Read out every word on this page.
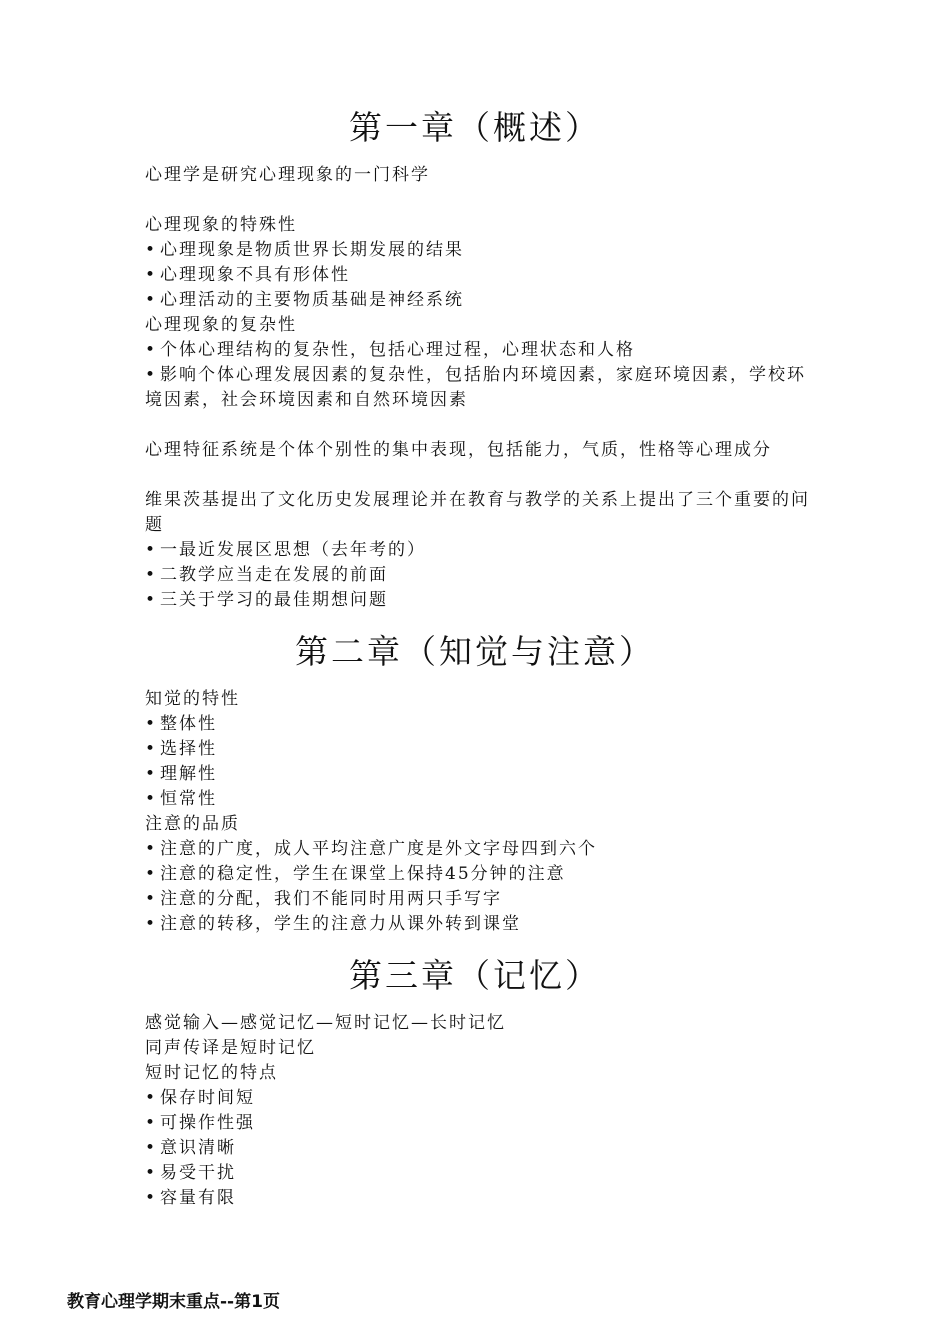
第一章（概述）

心理学是研究心理现象的一门科学

心理现象的特殊性

• 心理现象是物质世界长期发展的结果

• 心理现象不具有形体性

• 心理活动的主要物质基础是神经系统

心理现象的复杂性

• 个体心理结构的复杂性，包括心理过程，心理状态和人格

• 影响个体心理发展因素的复杂性，包括胎内环境因素，家庭环境因素，学校环境因素，社会环境因素和自然环境因素

心理特征系统是个体个别性的集中表现，包括能力，气质，性格等心理成分

维果茨基提出了文化历史发展理论并在教育与教学的关系上提出了三个重要的问题

• 一最近发展区思想（去年考的）

• 二教学应当走在发展的前面

• 三关于学习的最佳期想问题

第二章（知觉与注意）

知觉的特性

• 整体性

• 选择性

• 理解性

• 恒常性

注意的品质

• 注意的广度，成人平均注意广度是外文字母四到六个

• 注意的稳定性，学生在课堂上保持45分钟的注意

• 注意的分配，我们不能同时用两只手写字

• 注意的转移，学生的注意力从课外转到课堂

第三章（记忆）

感觉输入—感觉记忆—短时记忆—长时记忆

同声传译是短时记忆

短时记忆的特点

• 保存时间短

• 可操作性强

• 意识清晰

• 易受干扰

• 容量有限

教育心理学期末重点--第1页
